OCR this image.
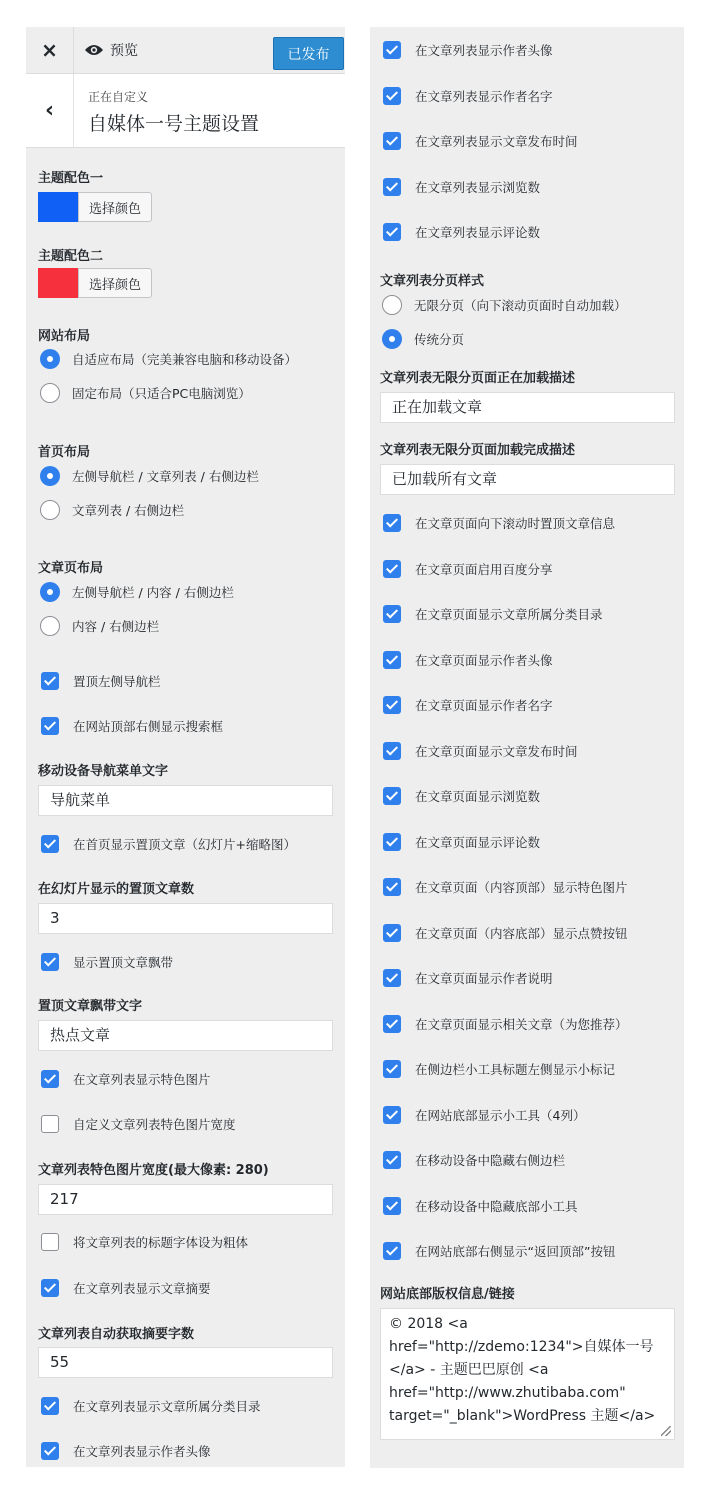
×	预览	已发布
‹
正在自定义
自媒体一号主题设置
主题配色一
选择颜色
主题配色二
选择颜色
网站布局
自适应布局（完美兼容电脑和移动设备）
固定布局（只适合PC电脑浏览）
首页布局
左侧导航栏 / 文章列表 / 右侧边栏
文章列表 / 右侧边栏
文章页布局
左侧导航栏 / 内容 / 右侧边栏
内容 / 右侧边栏
置顶左侧导航栏
在网站顶部右侧显示搜索框
移动设备导航菜单文字
导航菜单
在首页显示置顶文章（幻灯片+缩略图）
在幻灯片显示的置顶文章数
3
显示置顶文章飘带
置顶文章飘带文字
热点文章
在文章列表显示特色图片
自定义文章列表特色图片宽度
文章列表特色图片宽度(最大像素: 280)
217
将文章列表的标题字体设为粗体
在文章列表显示文章摘要
文章列表自动获取摘要字数
55
在文章列表显示文章所属分类目录
在文章列表显示作者头像
在文章列表显示作者头像
在文章列表显示作者名字
在文章列表显示文章发布时间
在文章列表显示浏览数
在文章列表显示评论数
文章列表分页样式
无限分页（向下滚动页面时自动加载）
传统分页
文章列表无限分页面正在加载描述
正在加载文章
文章列表无限分页面加载完成描述
已加载所有文章
在文章页面向下滚动时置顶文章信息
在文章页面启用百度分享
在文章页面显示文章所属分类目录
在文章页面显示作者头像
在文章页面显示作者名字
在文章页面显示文章发布时间
在文章页面显示浏览数
在文章页面显示评论数
在文章页面（内容顶部）显示特色图片
在文章页面（内容底部）显示点赞按钮
在文章页面显示作者说明
在文章页面显示相关文章（为您推荐）
在侧边栏小工具标题左侧显示小标记
在网站底部显示小工具（4列）
在移动设备中隐藏右侧边栏
在移动设备中隐藏底部小工具
在网站底部右侧显示“返回顶部”按钮
网站底部版权信息/链接
© 2018 <a href="http://zdemo:1234">自媒体一号</a> - 主题巴巴原创 <a href="http://www.zhutibaba.com" target="_blank">WordPress 主题</a>
